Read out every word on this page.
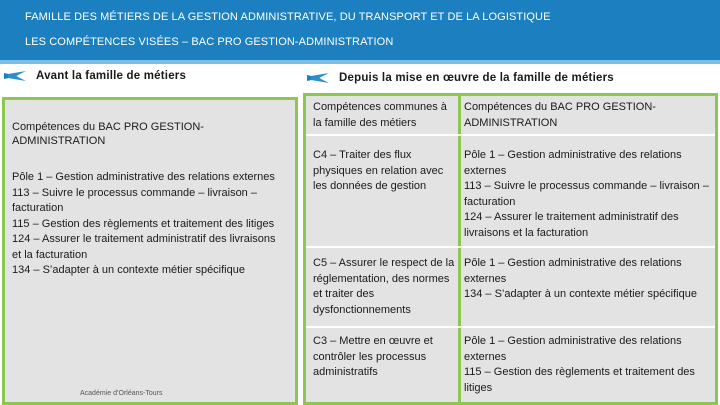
FAMILLE DES MÉTIERS DE LA GESTION ADMINISTRATIVE, DU TRANSPORT ET DE LA LOGISTIQUE
LES COMPÉTENCES VISÉES – BAC PRO GESTION-ADMINISTRATION
Avant la famille de métiers	Depuis la mise en œuvre de la famille de métiers
Compétences du BAC PRO GESTION-ADMINISTRATION
Pôle 1 – Gestion administrative des relations externes
113 – Suivre le processus commande – livraison – facturation
115 – Gestion des règlements et traitement des litiges
124 – Assurer le traitement administratif des livraisons et la facturation
134 – S’adapter à un contexte métier spécifique
Académie d’Orléans-Tours
Compétences communes à la famille des métiers
Compétences du BAC PRO GESTION-ADMINISTRATION
C4 – Traiter des flux physiques en relation avec les données de gestion
Pôle 1 – Gestion administrative des relations externes
113 – Suivre le processus commande – livraison – facturation
124 – Assurer le traitement administratif des livraisons et la facturation
C5 – Assurer le respect de la réglementation, des normes et traiter des dysfonctionnements
Pôle 1 – Gestion administrative des relations externes
134 – S’adapter à un contexte métier spécifique
C3 – Mettre en œuvre et contrôler les processus administratifs
Pôle 1 – Gestion administrative des relations externes
115 – Gestion des règlements et traitement des litiges
